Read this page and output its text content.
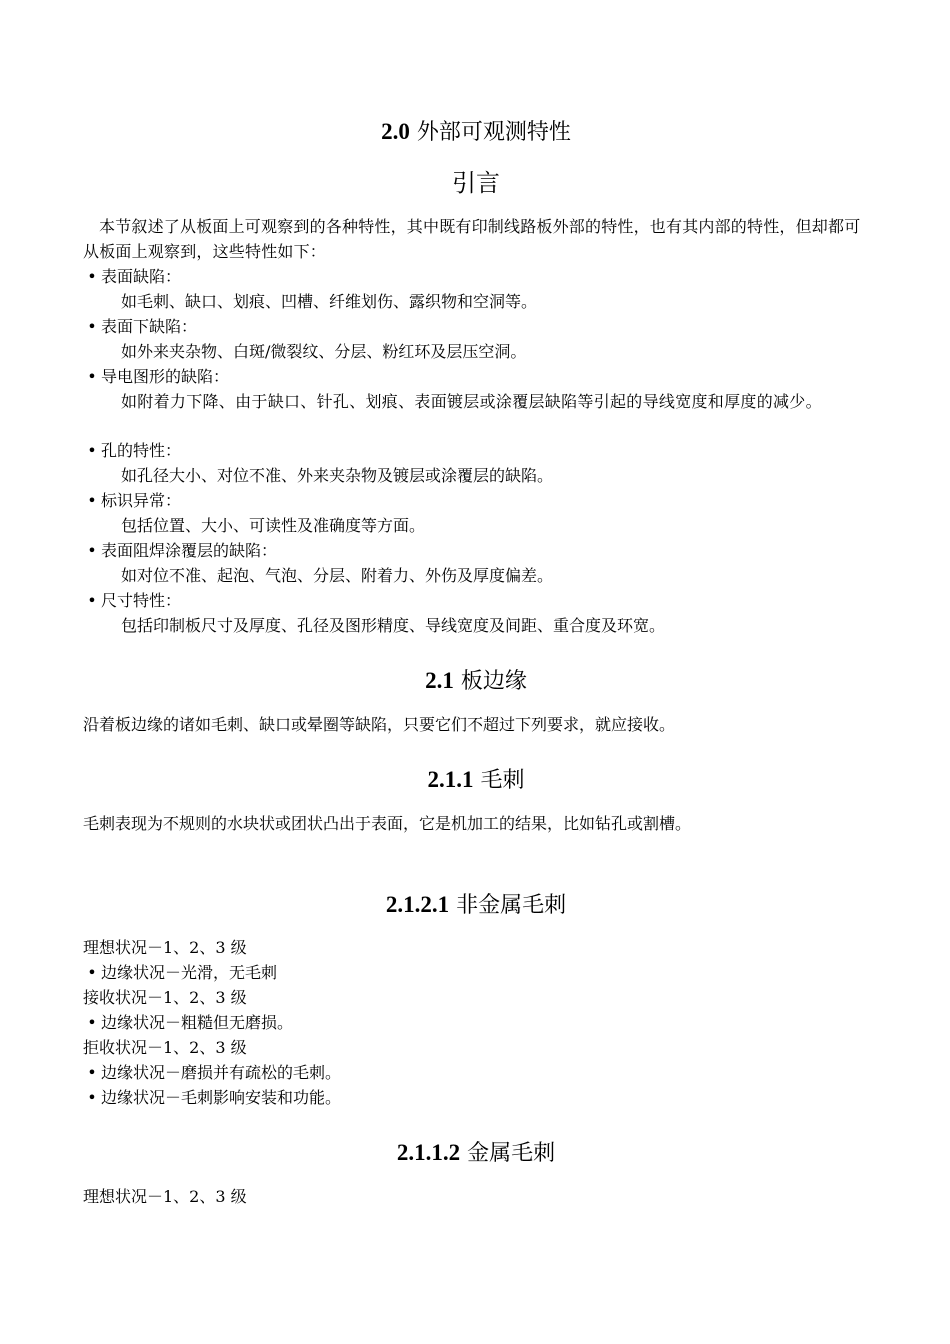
2.0 外部可观测特性
引言
本节叙述了从板面上可观察到的各种特性，其中既有印制线路板外部的特性，也有其内部的特性，但却都可从板面上观察到，这些特性如下：
• 表面缺陷：
如毛刺、缺口、划痕、凹槽、纤维划伤、露织物和空洞等。
• 表面下缺陷：
如外来夹杂物、白斑/微裂纹、分层、粉红环及层压空洞。
• 导电图形的缺陷：
如附着力下降、由于缺口、针孔、划痕、表面镀层或涂覆层缺陷等引起的导线宽度和厚度的减少。
• 孔的特性：
如孔径大小、对位不准、外来夹杂物及镀层或涂覆层的缺陷。
• 标识异常：
包括位置、大小、可读性及准确度等方面。
• 表面阻焊涂覆层的缺陷：
如对位不准、起泡、气泡、分层、附着力、外伤及厚度偏差。
• 尺寸特性：
包括印制板尺寸及厚度、孔径及图形精度、导线宽度及间距、重合度及环宽。
2.1 板边缘
沿着板边缘的诸如毛刺、缺口或晕圈等缺陷，只要它们不超过下列要求，就应接收。
2.1.1 毛刺
毛刺表现为不规则的水块状或团状凸出于表面，它是机加工的结果，比如钻孔或割槽。
2.1.2.1 非金属毛刺
理想状况－1、2、3 级
• 边缘状况－光滑，无毛刺
接收状况－1、2、3 级
• 边缘状况－粗糙但无磨损。
拒收状况－1、2、3 级
• 边缘状况－磨损并有疏松的毛刺。
• 边缘状况－毛刺影响安装和功能。
2.1.1.2 金属毛刺
理想状况－1、2、3 级
